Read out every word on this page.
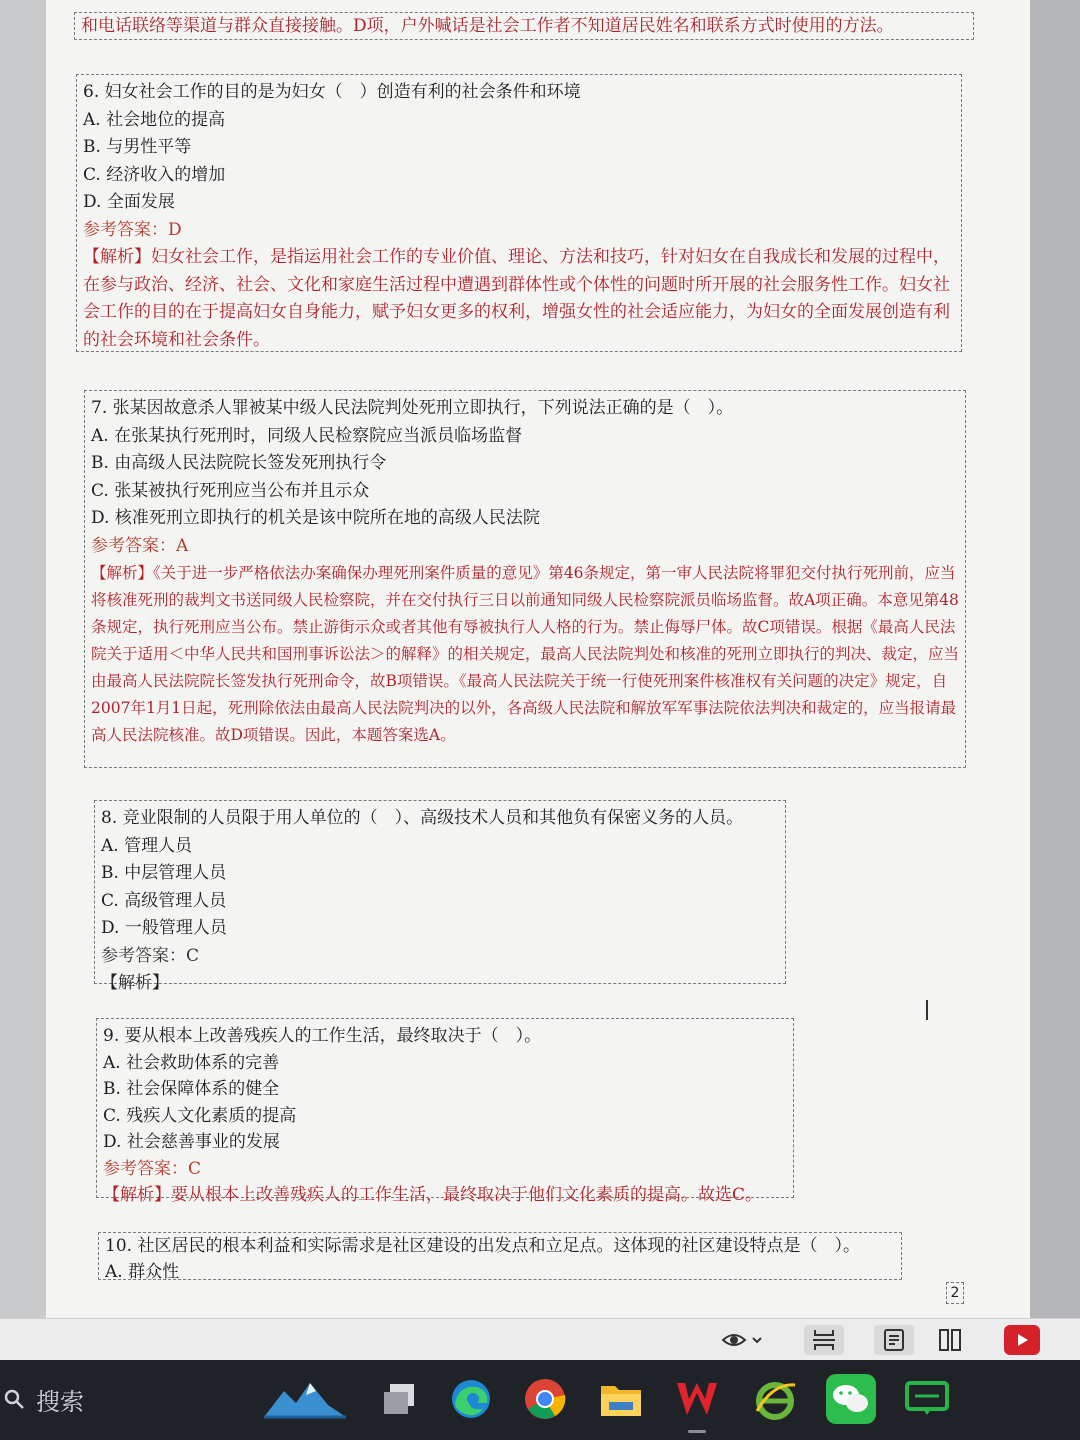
和电话联络等渠道与群众直接接触。D项，户外喊话是社会工作者不知道居民姓名和联系方式时使用的方法。
6. 妇女社会工作的目的是为妇女（　）创造有利的社会条件和环境
A. 社会地位的提高
B. 与男性平等
C. 经济收入的增加
D. 全面发展
参考答案：D
【解析】妇女社会工作，是指运用社会工作的专业价值、理论、方法和技巧，针对妇女在自我成长和发展的过程中，在参与政治、经济、社会、文化和家庭生活过程中遭遇到群体性或个体性的问题时所开展的社会服务性工作。妇女社会工作的目的在于提高妇女自身能力，赋予妇女更多的权利，增强女性的社会适应能力，为妇女的全面发展创造有利的社会环境和社会条件。
7. 张某因故意杀人罪被某中级人民法院判处死刑立即执行，下列说法正确的是（　）。
A. 在张某执行死刑时，同级人民检察院应当派员临场监督
B. 由高级人民法院院长签发死刑执行令
C. 张某被执行死刑应当公布并且示众
D. 核准死刑立即执行的机关是该中院所在地的高级人民法院
参考答案：A
【解析】《关于进一步严格依法办案确保办理死刑案件质量的意见》第46条规定，第一审人民法院将罪犯交付执行死刑前，应当将核准死刑的裁判文书送同级人民检察院，并在交付执行三日以前通知同级人民检察院派员临场监督。故A项正确。本意见第48条规定，执行死刑应当公布。禁止游街示众或者其他有辱被执行人人格的行为。禁止侮辱尸体。故C项错误。根据《最高人民法院关于适用＜中华人民共和国刑事诉讼法＞的解释》的相关规定，最高人民法院判处和核准的死刑立即执行的判决、裁定，应当由最高人民法院院长签发执行死刑命令，故B项错误。《最高人民法院关于统一行使死刑案件核准权有关问题的决定》规定，自2007年1月1日起，死刑除依法由最高人民法院判决的以外，各高级人民法院和解放军军事法院依法判决和裁定的，应当报请最高人民法院核准。故D项错误。因此，本题答案选A。
8. 竞业限制的人员限于用人单位的（　）、高级技术人员和其他负有保密义务的人员。
A. 管理人员
B. 中层管理人员
C. 高级管理人员
D. 一般管理人员
参考答案：C
【解析】
9. 要从根本上改善残疾人的工作生活，最终取决于（　）。
A. 社会救助体系的完善
B. 社会保障体系的健全
C. 残疾人文化素质的提高
D. 社会慈善事业的发展
参考答案：C
【解析】要从根本上改善残疾人的工作生活，最终取决于他们文化素质的提高。故选C。
10. 社区居民的根本利益和实际需求是社区建设的出发点和立足点。这体现的社区建设特点是（　）。
A. 群众性
2
搜索
